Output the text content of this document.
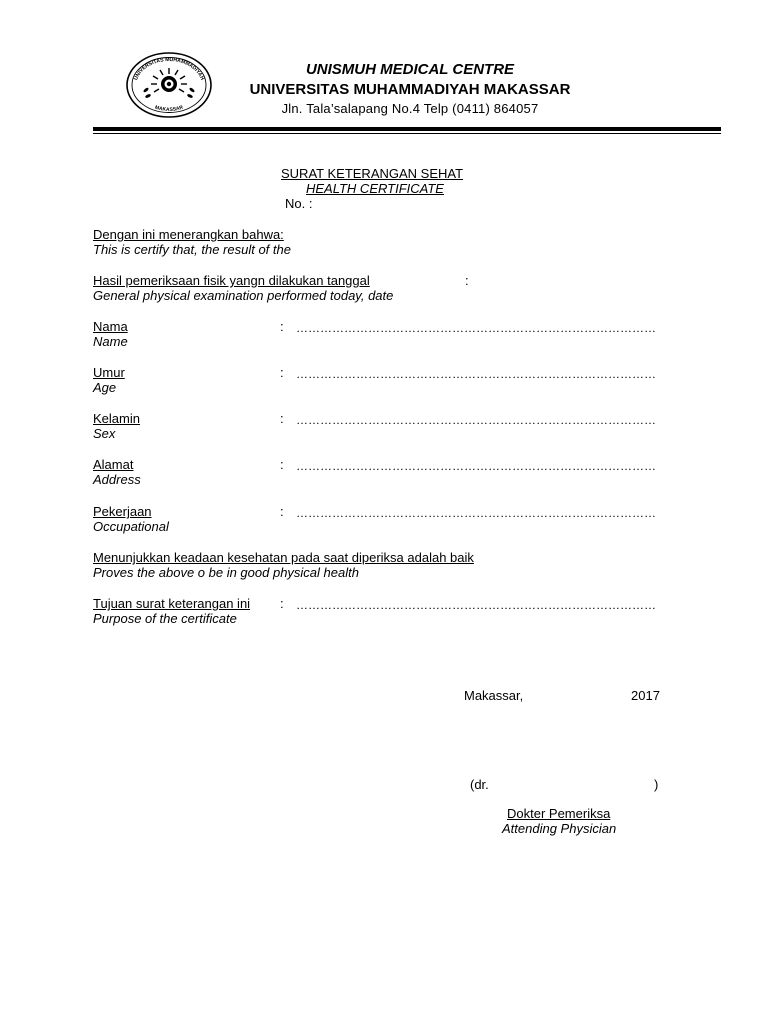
UNIVERSITAS MUHAMMADIYAH
MAKASSAR
UNISMUH MEDICAL CENTRE
UNIVERSITAS MUHAMMADIYAH MAKASSAR
Jln. Tala’salapang No.4 Telp (0411) 864057
SURAT KETERANGAN SEHAT
HEALTH CERTIFICATE
No. :
Dengan ini menerangkan bahwa:
This is certify that, the result of the
Hasil pemeriksaan fisik yangn dilakukan tanggal	:
General physical examination performed today, date
Nama
Name
: ………………………………………………………………………………
Umur
Age
: ………………………………………………………………………………
Kelamin
Sex
: ………………………………………………………………………………
Alamat
Address
: ………………………………………………………………………………
Pekerjaan
Occupational
: ………………………………………………………………………………
Menunjukkan keadaan kesehatan pada saat diperiksa adalah baik
Proves the above o be in good physical health
Tujuan surat keterangan ini
Purpose of the certificate
: ………………………………………………………………………………
Makassar,	2017
(dr.	)
Dokter Pemeriksa
Attending Physician
